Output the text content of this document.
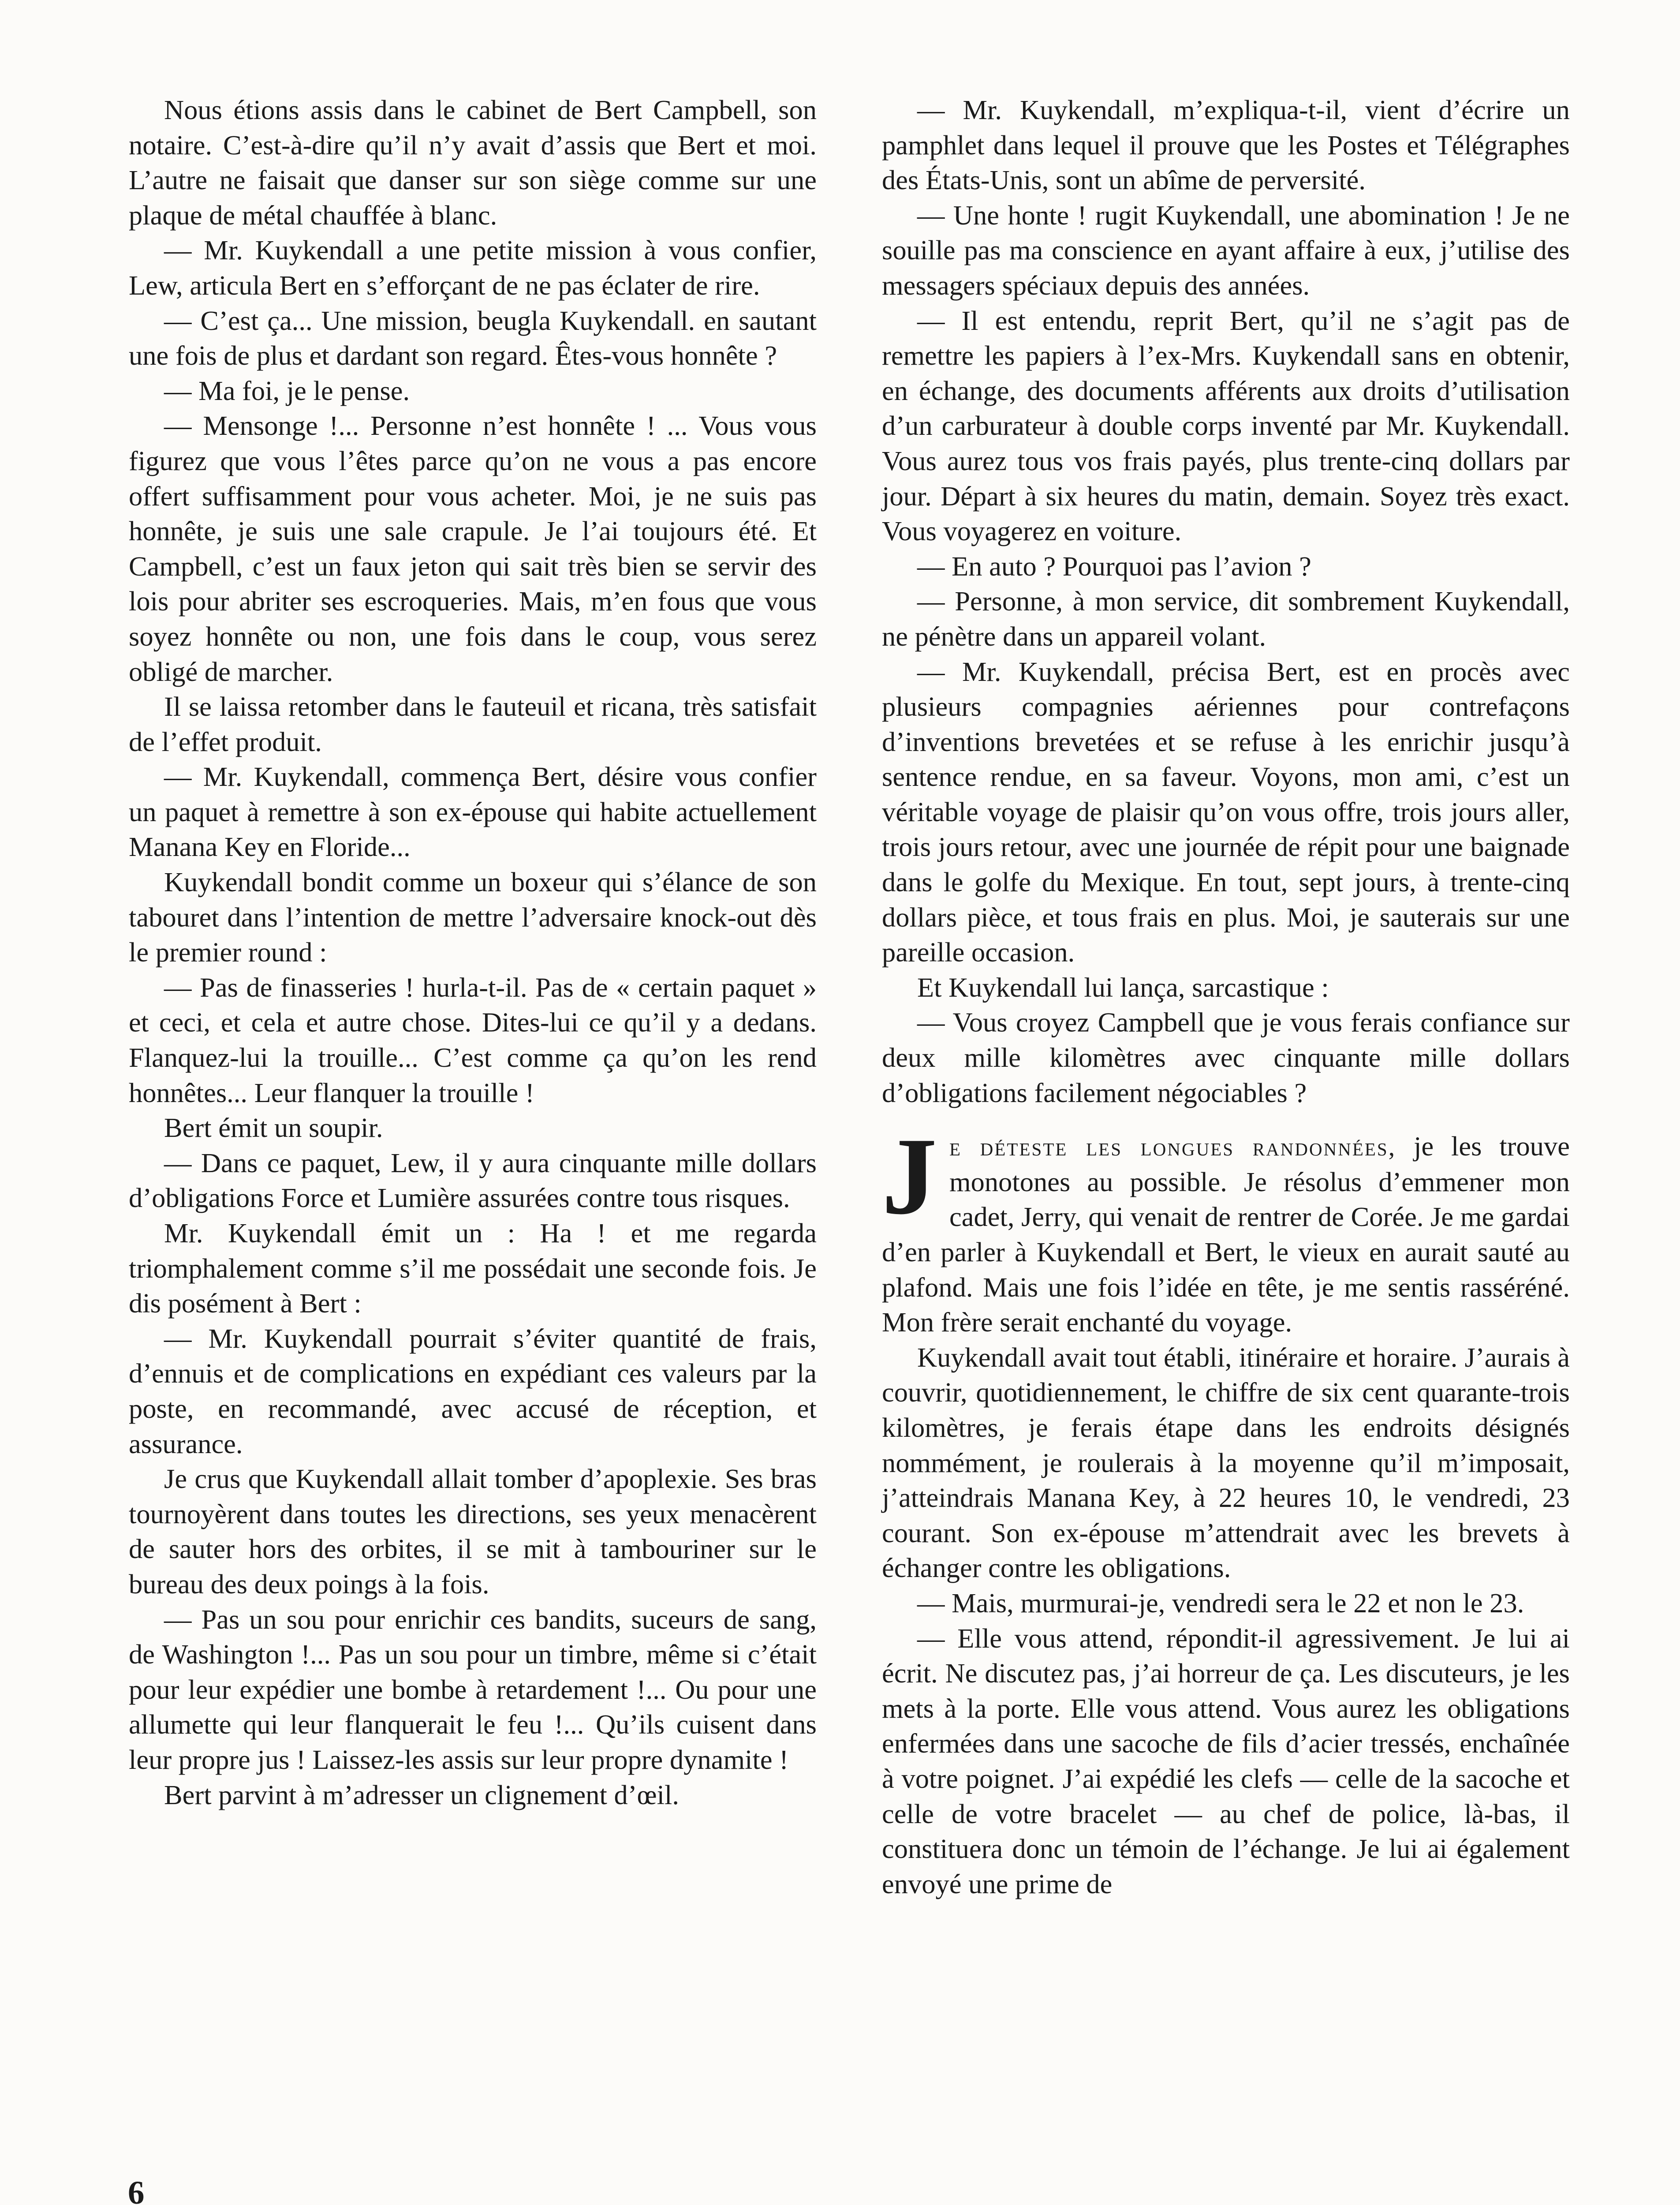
Nous étions assis dans le cabinet de Bert Campbell, son notaire. C’est-à-dire qu’il n’y avait d’assis que Bert et moi. L’autre ne faisait que danser sur son siège comme sur une plaque de métal chauffée à blanc.

— Mr. Kuykendall a une petite mission à vous confier, Lew, articula Bert en s’efforçant de ne pas éclater de rire.

— C’est ça... Une mission, beugla Kuykendall. en sautant une fois de plus et dardant son regard. Êtes-vous honnête ?

— Ma foi, je le pense.

— Mensonge !... Personne n’est honnête ! ... Vous vous figurez que vous l’êtes parce qu’on ne vous a pas encore offert suffisamment pour vous acheter. Moi, je ne suis pas honnête, je suis une sale crapule. Je l’ai toujours été. Et Campbell, c’est un faux jeton qui sait très bien se servir des lois pour abriter ses escroqueries. Mais, m’en fous que vous soyez honnête ou non, une fois dans le coup, vous serez obligé de marcher.

Il se laissa retomber dans le fauteuil et ricana, très satisfait de l’effet produit.

— Mr. Kuykendall, commença Bert, désire vous confier un paquet à remettre à son ex-épouse qui habite actuellement Manana Key en Floride...

Kuykendall bondit comme un boxeur qui s’élance de son tabouret dans l’intention de mettre l’adversaire knock-out dès le premier round :

— Pas de finasseries ! hurla-t-il. Pas de « certain paquet » et ceci, et cela et autre chose. Dites-lui ce qu’il y a dedans. Flanquez-lui la trouille... C’est comme ça qu’on les rend honnêtes... Leur flanquer la trouille !

Bert émit un soupir.

— Dans ce paquet, Lew, il y aura cinquante mille dollars d’obligations Force et Lumière assurées contre tous risques.

Mr. Kuykendall émit un : Ha ! et me regarda triomphalement comme s’il me possédait une seconde fois. Je dis posément à Bert :

— Mr. Kuykendall pourrait s’éviter quantité de frais, d’ennuis et de complications en expédiant ces valeurs par la poste, en recommandé, avec accusé de réception, et assurance.

Je crus que Kuykendall allait tomber d’apoplexie. Ses bras tournoyèrent dans toutes les directions, ses yeux menacèrent de sauter hors des orbites, il se mit à tambouriner sur le bureau des deux poings à la fois.

— Pas un sou pour enrichir ces bandits, suceurs de sang, de Washington !... Pas un sou pour un timbre, même si c’était pour leur expédier une bombe à retardement !... Ou pour une allumette qui leur flanquerait le feu !... Qu’ils cuisent dans leur propre jus ! Laissez-les assis sur leur propre dynamite !

Bert parvint à m’adresser un clignement d’œil.

— Mr. Kuykendall, m’expliqua-t-il, vient d’écrire un pamphlet dans lequel il prouve que les Postes et Télégraphes des États-Unis, sont un abîme de perversité.

— Une honte ! rugit Kuykendall, une abomination ! Je ne souille pas ma conscience en ayant affaire à eux, j’utilise des messagers spéciaux depuis des années.

— Il est entendu, reprit Bert, qu’il ne s’agit pas de remettre les papiers à l’ex-Mrs. Kuykendall sans en obtenir, en échange, des documents afférents aux droits d’utilisation d’un carburateur à double corps inventé par Mr. Kuykendall. Vous aurez tous vos frais payés, plus trente-cinq dollars par jour. Départ à six heures du matin, demain. Soyez très exact. Vous voyagerez en voiture.

— En auto ? Pourquoi pas l’avion ?

— Personne, à mon service, dit sombrement Kuykendall, ne pénètre dans un appareil volant.

— Mr. Kuykendall, précisa Bert, est en procès avec plusieurs compagnies aériennes pour contrefaçons d’inventions brevetées et se refuse à les enrichir jusqu’à sentence rendue, en sa faveur. Voyons, mon ami, c’est un véritable voyage de plaisir qu’on vous offre, trois jours aller, trois jours retour, avec une journée de répit pour une baignade dans le golfe du Mexique. En tout, sept jours, à trente-cinq dollars pièce, et tous frais en plus. Moi, je sauterais sur une pareille occasion.

Et Kuykendall lui lança, sarcastique :

— Vous croyez Campbell que je vous ferais confiance sur deux mille kilomètres avec cinquante mille dollars d’obligations facilement négociables ?

Je déteste les longues randonnées, je les trouve monotones au possible. Je résolus d’emmener mon cadet, Jerry, qui venait de rentrer de Corée. Je me gardai d’en parler à Kuykendall et Bert, le vieux en aurait sauté au plafond. Mais une fois l’idée en tête, je me sentis rasséréné. Mon frère serait enchanté du voyage.

Kuykendall avait tout établi, itinéraire et horaire. J’aurais à couvrir, quotidiennement, le chiffre de six cent quarante-trois kilomètres, je ferais étape dans les endroits désignés nommément, je roulerais à la moyenne qu’il m’imposait, j’atteindrais Manana Key, à 22 heures 10, le vendredi, 23 courant. Son ex-épouse m’attendrait avec les brevets à échanger contre les obligations.

— Mais, murmurai-je, vendredi sera le 22 et non le 23.

— Elle vous attend, répondit-il agressivement. Je lui ai écrit. Ne discutez pas, j’ai horreur de ça. Les discuteurs, je les mets à la porte. Elle vous attend. Vous aurez les obligations enfermées dans une sacoche de fils d’acier tressés, enchaînée à votre poignet. J’ai expédié les clefs — celle de la sacoche et celle de votre bracelet — au chef de police, là-bas, il constituera donc un témoin de l’échange. Je lui ai également envoyé une prime de

6
